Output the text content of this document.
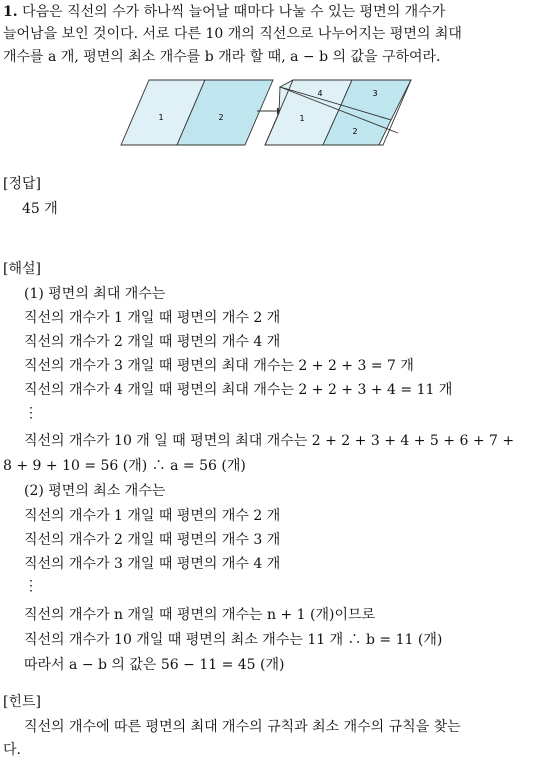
1. 다음은 직선의 수가 하나씩 늘어날 때마다 나눌 수 있는 평면의 개수가
늘어남을 보인 것이다. 서로 다른 10 개의 직선으로 나누어지는 평면의 최대
개수를 a 개, 평면의 최소 개수를 b 개라 할 때, a − b 의 값을 구하여라.
1	2
4	3
1
2
[정답]
45 개
[해설]
(1) 평면의 최대 개수는
직선의 개수가 1 개일 때 평면의 개수 2 개
직선의 개수가 2 개일 때 평면의 개수 4 개
직선의 개수가 3 개일 때 평면의 최대 개수는 2 + 2 + 3 = 7 개
직선의 개수가 4 개일 때 평면의 최대 개수는 2 + 2 + 3 + 4 = 11 개
⋮
직선의 개수가 10 개 일 때 평면의 최대 개수는 2 + 2 + 3 + 4 + 5 + 6 + 7 +
8 + 9 + 10 = 56 (개) ∴ a = 56 (개)
(2) 평면의 최소 개수는
직선의 개수가 1 개일 때 평면의 개수 2 개
직선의 개수가 2 개일 때 평면의 개수 3 개
직선의 개수가 3 개일 때 평면의 개수 4 개
⋮
직선의 개수가 n 개일 때 평면의 개수는 n + 1 (개)이므로
직선의 개수가 10 개일 때 평면의 최소 개수는 11 개 ∴ b = 11 (개)
따라서 a − b 의 값은 56 − 11 = 45 (개)
[힌트]
직선의 개수에 따른 평면의 최대 개수의 규칙과 최소 개수의 규칙을 찾는
다.
